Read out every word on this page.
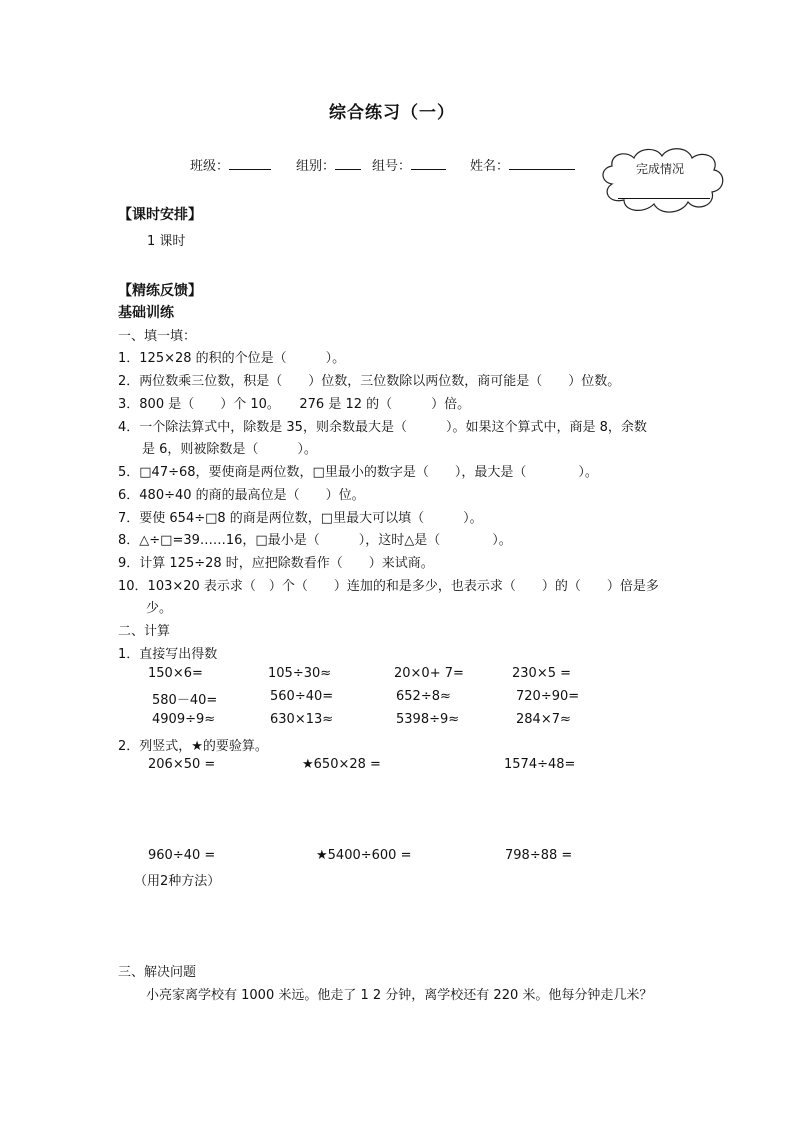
综合练习（一）
班级：	组别：	组号：	姓名：	完成情况
【课时安排】
1 课时
【精练反馈】
基础训练
一、填一填：
1．125×28 的积的个位是（　　　）。
2．两位数乘三位数，积是（　　）位数，三位数除以两位数，商可能是（　　）位数。
3．800 是（　　）个 10。　　276 是 12 的（　　　）倍。
4．一个除法算式中，除数是 35，则余数最大是（　　　）。如果这个算式中，商是 8，余数
是 6，则被除数是（　　　）。
5．□47÷68，要使商是两位数，□里最小的数字是（　　），最大是（　　　　）。
6．480÷40 的商的最高位是（　　）位。
7．要使 654÷□8 的商是两位数，□里最大可以填（　　　）。
8．△÷□=39……16，□最小是（　　　），这时△是（　　　　）。
9．计算 125÷28 时，应把除数看作（　　）来试商。
10．103×20 表示求（　）个（　　）连加的和是多少，也表示求（　　）的（　　）倍是多
少。
二、计算
1．直接写出得数
150×6=	105÷30≈	20×0+ 7=	230×5 =
580－40=	560÷40=	652÷8≈	720÷90=
4909÷9≈	630×13≈	5398÷9≈	284×7≈
2．列竖式，★的要验算。
206×50 =	★650×28 =	1574÷48=
960÷40 =	★5400÷600 =	798÷88 =
（用2种方法）
三、解决问题
小亮家离学校有 1000 米远。他走了 1 2 分钟，离学校还有 220 米。他每分钟走几米？
